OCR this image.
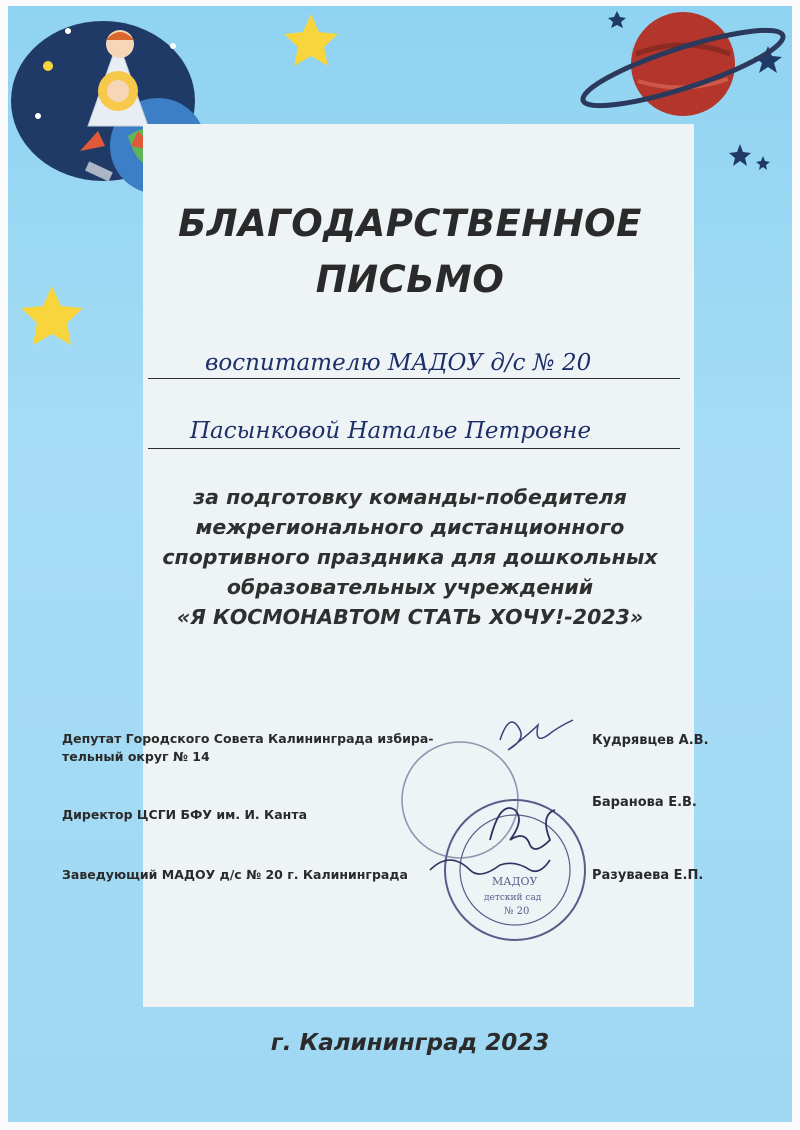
БЛАГОДАРСТВЕННОЕ
ПИСЬМО
воспитателю МАДОУ д/с № 20
Пасынковой Наталье Петровне
за подготовку команды-победителя
межрегионального дистанционного
спортивного праздника для дошкольных
образовательных учреждений
«Я КОСМОНАВТОМ СТАТЬ ХОЧУ!-2023»
МАДОУ
детский сад
№ 20
Депутат Городского Совета Калининграда избира-
тельный округ № 14
Кудрявцев А.В.
Директор ЦСГИ БФУ им. И. Канта
Баранова Е.В.
Заведующий МАДОУ д/с № 20 г. Калининграда	Разуваева Е.П.
г. Калининград 2023
